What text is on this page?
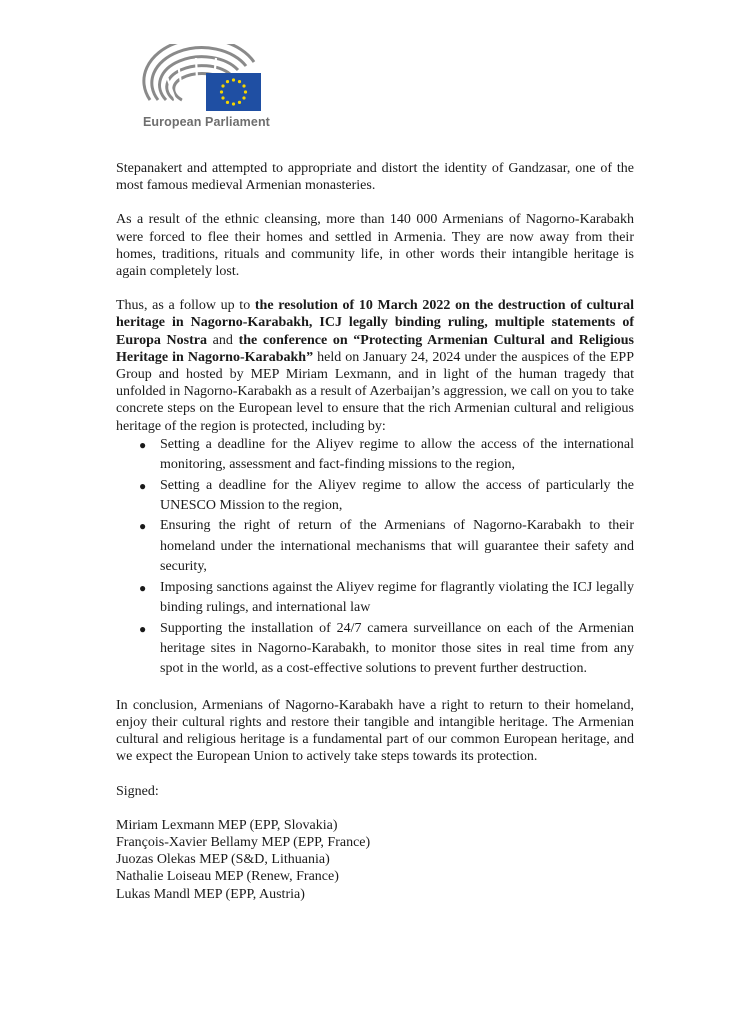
European Parliament

Stepanakert and attempted to appropriate and distort the identity of Gandzasar, one of the most famous medieval Armenian monasteries.

As a result of the ethnic cleansing, more than 140 000 Armenians of Nagorno-Karabakh were forced to flee their homes and settled in Armenia. They are now away from their homes, traditions, rituals and community life, in other words their intangible heritage is again completely lost.

Thus, as a follow up to the resolution of 10 March 2022 on the destruction of cultural heritage in Nagorno-Karabakh, ICJ legally binding ruling, multiple statements of Europa Nostra and the conference on “Protecting Armenian Cultural and Religious Heritage in Nagorno-Karabakh” held on January 24, 2024 under the auspices of the EPP Group and hosted by MEP Miriam Lexmann, and in light of the human tragedy that unfolded in Nagorno-Karabakh as a result of Azerbaijan’s aggression, we call on you to take concrete steps on the European level to ensure that the rich Armenian cultural and religious heritage of the region is protected, including by:

● Setting a deadline for the Aliyev regime to allow the access of the international monitoring, assessment and fact-finding missions to the region,
● Setting a deadline for the Aliyev regime to allow the access of particularly the UNESCO Mission to the region,
● Ensuring the right of return of the Armenians of Nagorno-Karabakh to their homeland under the international mechanisms that will guarantee their safety and security,
● Imposing sanctions against the Aliyev regime for flagrantly violating the ICJ legally binding rulings, and international law
● Supporting the installation of 24/7 camera surveillance on each of the Armenian heritage sites in Nagorno-Karabakh, to monitor those sites in real time from any spot in the world, as a cost-effective solutions to prevent further destruction.

In conclusion, Armenians of Nagorno-Karabakh have a right to return to their homeland, enjoy their cultural rights and restore their tangible and intangible heritage. The Armenian cultural and religious heritage is a fundamental part of our common European heritage, and we expect the European Union to actively take steps towards its protection.

Signed:

Miriam Lexmann MEP (EPP, Slovakia)
François-Xavier Bellamy MEP (EPP, France)
Juozas Olekas MEP (S&D, Lithuania)
Nathalie Loiseau MEP (Renew, France)
Lukas Mandl MEP (EPP, Austria)
